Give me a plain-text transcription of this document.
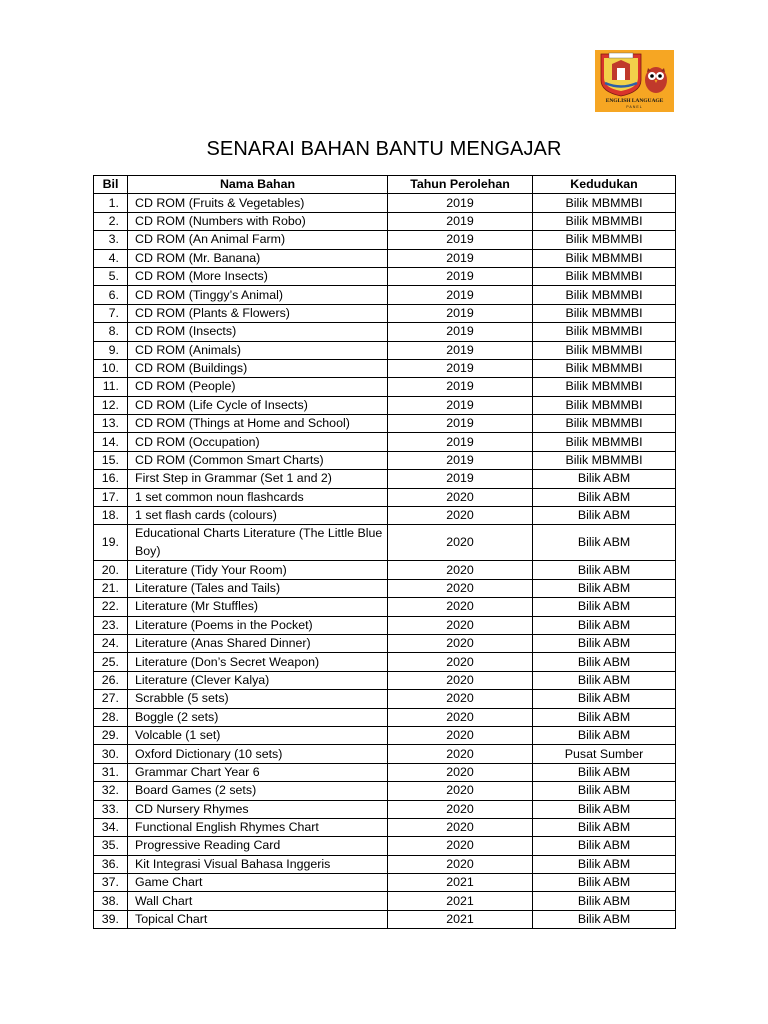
ENGLISH LANGUAGE
PANEL
SENARAI BAHAN BANTU MENGAJAR
Bil	Nama Bahan	Tahun Perolehan	Kedudukan
1.	CD ROM (Fruits & Vegetables)	2019	Bilik MBMMBI
2.	CD ROM (Numbers with Robo)	2019	Bilik MBMMBI
3.	CD ROM (An Animal Farm)	2019	Bilik MBMMBI
4.	CD ROM (Mr. Banana)	2019	Bilik MBMMBI
5.	CD ROM (More Insects)	2019	Bilik MBMMBI
6.	CD ROM (Tinggy’s Animal)	2019	Bilik MBMMBI
7.	CD ROM (Plants & Flowers)	2019	Bilik MBMMBI
8.	CD ROM (Insects)	2019	Bilik MBMMBI
9.	CD ROM (Animals)	2019	Bilik MBMMBI
10.	CD ROM (Buildings)	2019	Bilik MBMMBI
11.	CD ROM (People)	2019	Bilik MBMMBI
12.	CD ROM (Life Cycle of Insects)	2019	Bilik MBMMBI
13.	CD ROM (Things at Home and School)	2019	Bilik MBMMBI
14.	CD ROM (Occupation)	2019	Bilik MBMMBI
15.	CD ROM (Common Smart Charts)	2019	Bilik MBMMBI
16.	First Step in Grammar (Set 1 and 2)	2019	Bilik ABM
17.	1 set common noun flashcards	2020	Bilik ABM
18.	1 set flash cards (colours)	2020	Bilik ABM
19.	Educational Charts Literature (The Little Blue Boy)	2020	Bilik ABM
20.	Literature (Tidy Your Room)	2020	Bilik ABM
21.	Literature (Tales and Tails)	2020	Bilik ABM
22.	Literature (Mr Stuffles)	2020	Bilik ABM
23.	Literature (Poems in the Pocket)	2020	Bilik ABM
24.	Literature (Anas Shared Dinner)	2020	Bilik ABM
25.	Literature (Don’s Secret Weapon)	2020	Bilik ABM
26.	Literature (Clever Kalya)	2020	Bilik ABM
27.	Scrabble (5 sets)	2020	Bilik ABM
28.	Boggle (2 sets)	2020	Bilik ABM
29.	Volcable (1 set)	2020	Bilik ABM
30.	Oxford Dictionary (10 sets)	2020	Pusat Sumber
31.	Grammar Chart Year 6	2020	Bilik ABM
32.	Board Games (2 sets)	2020	Bilik ABM
33.	CD Nursery Rhymes	2020	Bilik ABM
34.	Functional English Rhymes Chart	2020	Bilik ABM
35.	Progressive Reading Card	2020	Bilik ABM
36.	Kit Integrasi Visual Bahasa Inggeris	2020	Bilik ABM
37.	Game Chart	2021	Bilik ABM
38.	Wall Chart	2021	Bilik ABM
39.	Topical Chart	2021	Bilik ABM
